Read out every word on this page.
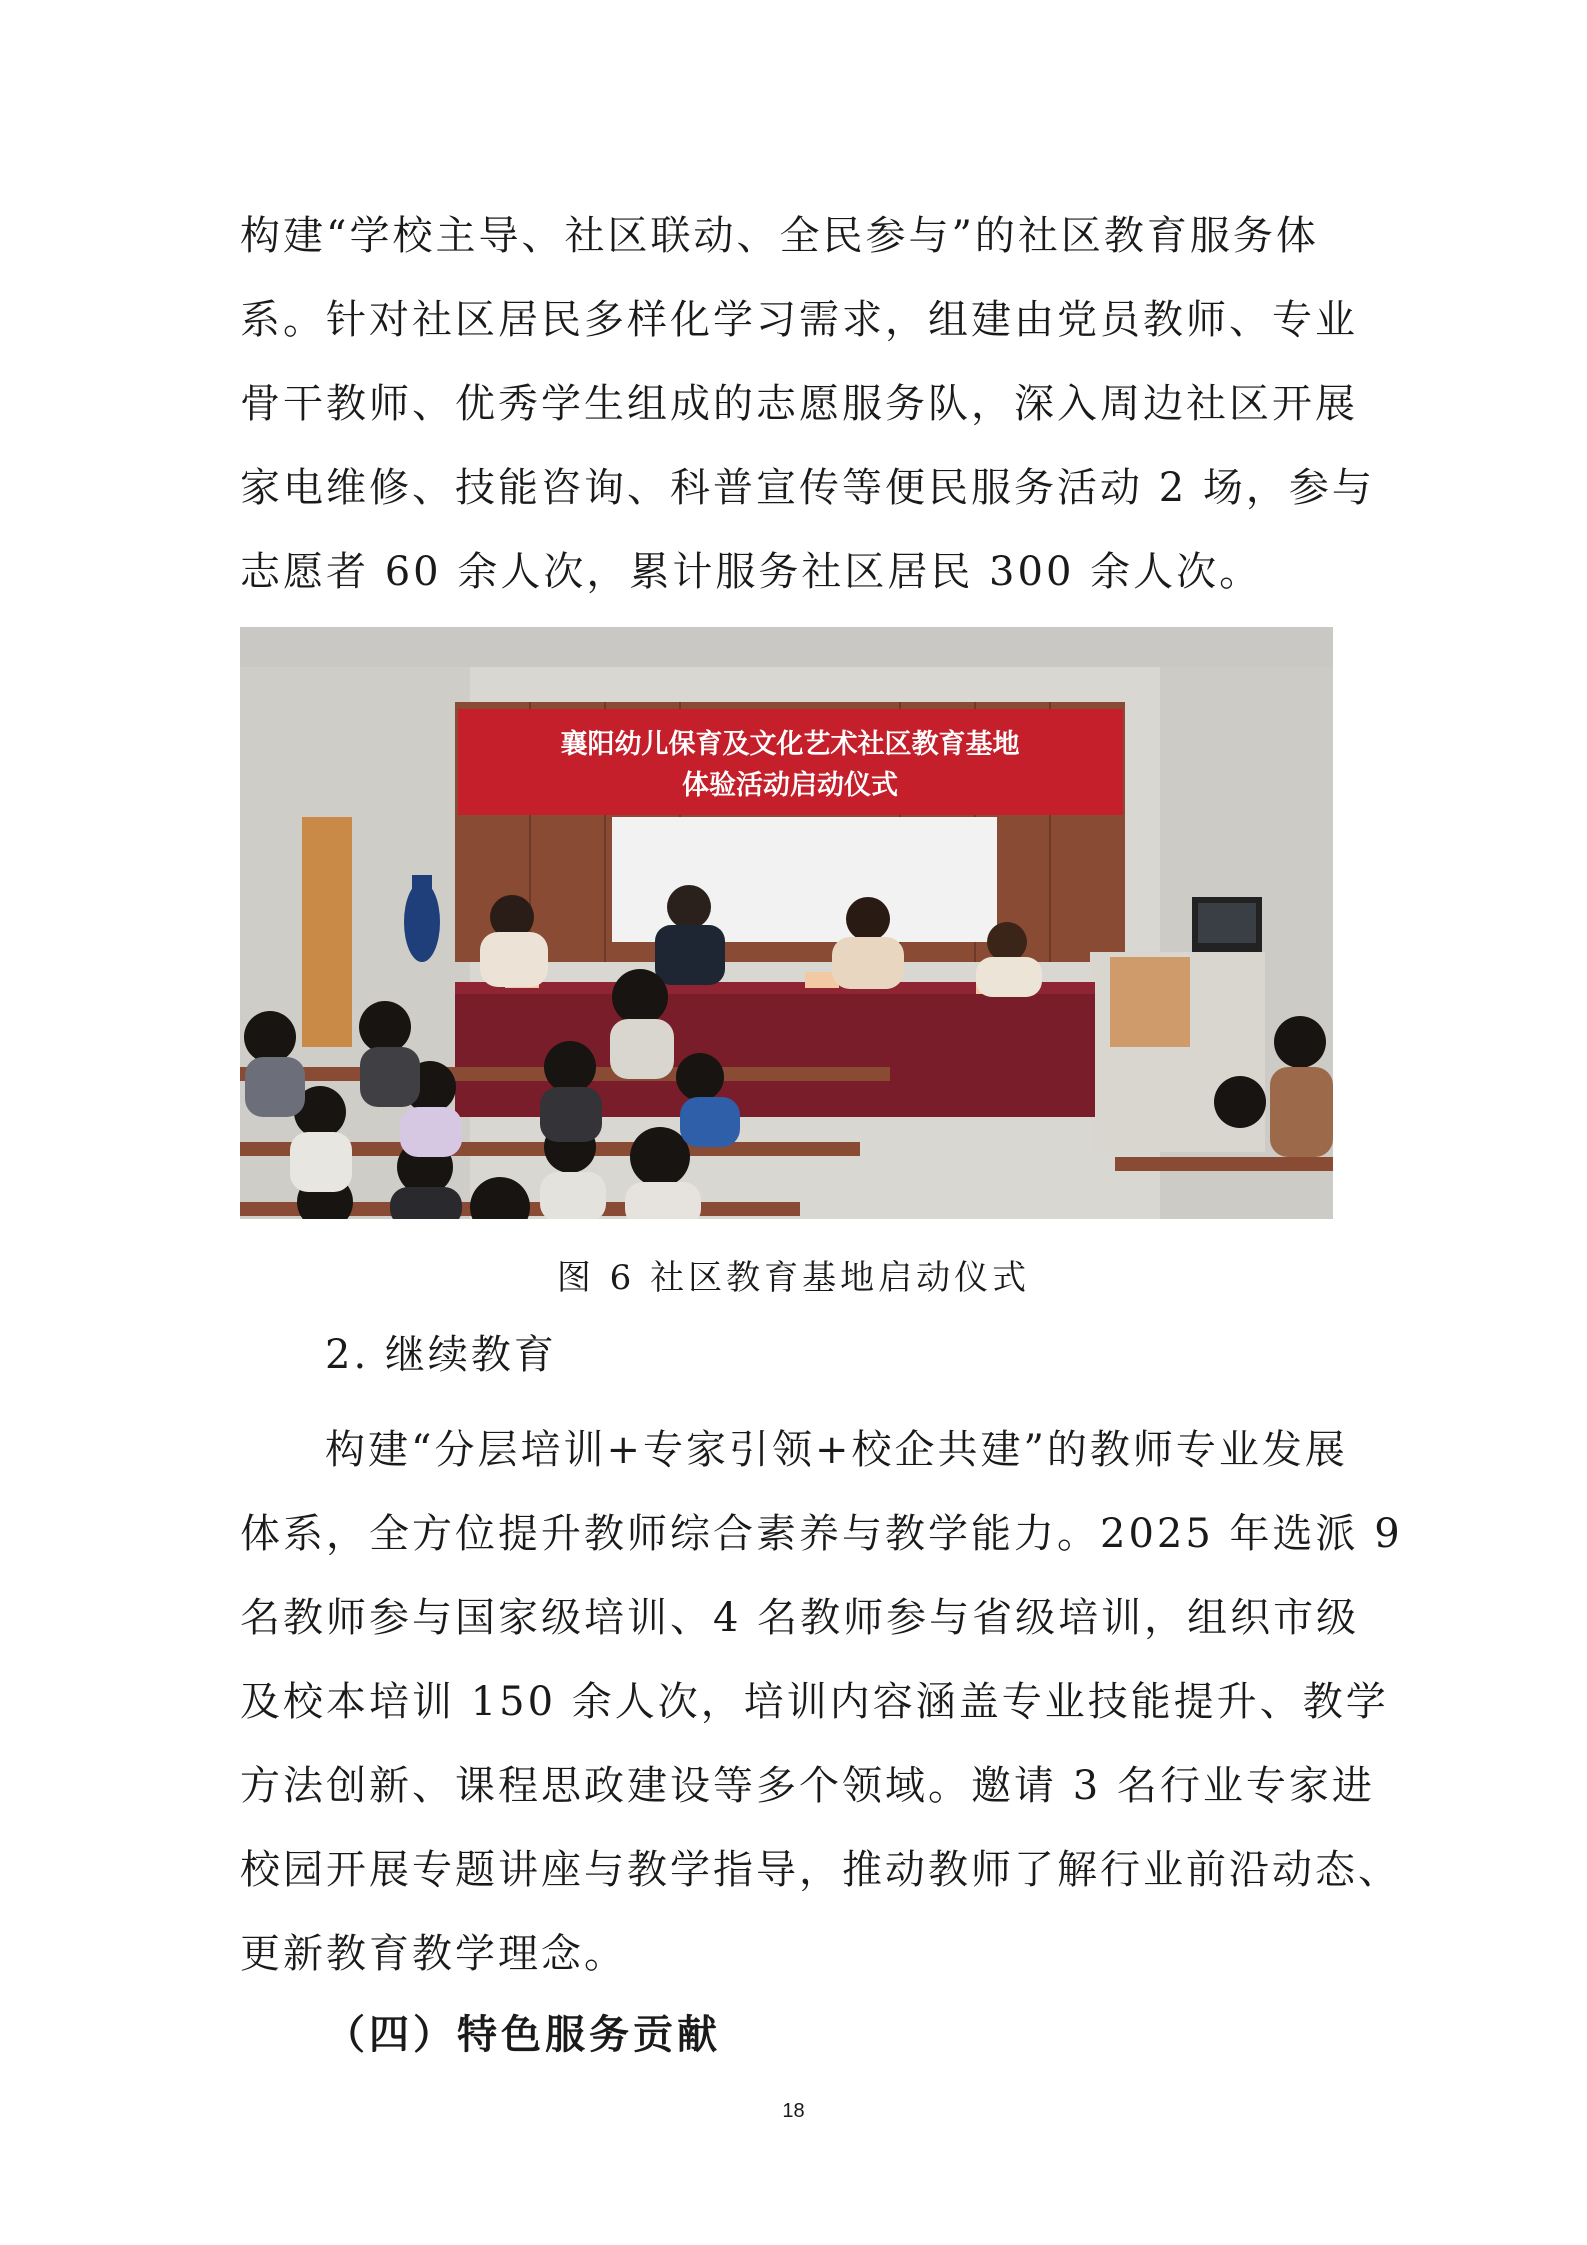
构建“学校主导、社区联动、全民参与”的社区教育服务体
系。针对社区居民多样化学习需求，组建由党员教师、专业
骨干教师、优秀学生组成的志愿服务队，深入周边社区开展
家电维修、技能咨询、科普宣传等便民服务活动 2 场，参与
志愿者 60 余人次，累计服务社区居民 300 余人次。
襄阳幼儿保育及文化艺术社区教育基地
体验活动启动仪式

图 6 社区教育基地启动仪式

2. 继续教育

构建“分层培训+专家引领+校企共建”的教师专业发展
体系，全方位提升教师综合素养与教学能力。2025 年选派 9
名教师参与国家级培训、4 名教师参与省级培训，组织市级
及校本培训 150 余人次，培训内容涵盖专业技能提升、教学
方法创新、课程思政建设等多个领域。邀请 3 名行业专家进
校园开展专题讲座与教学指导，推动教师了解行业前沿动态、
更新教育教学理念。

（四）特色服务贡献

18
